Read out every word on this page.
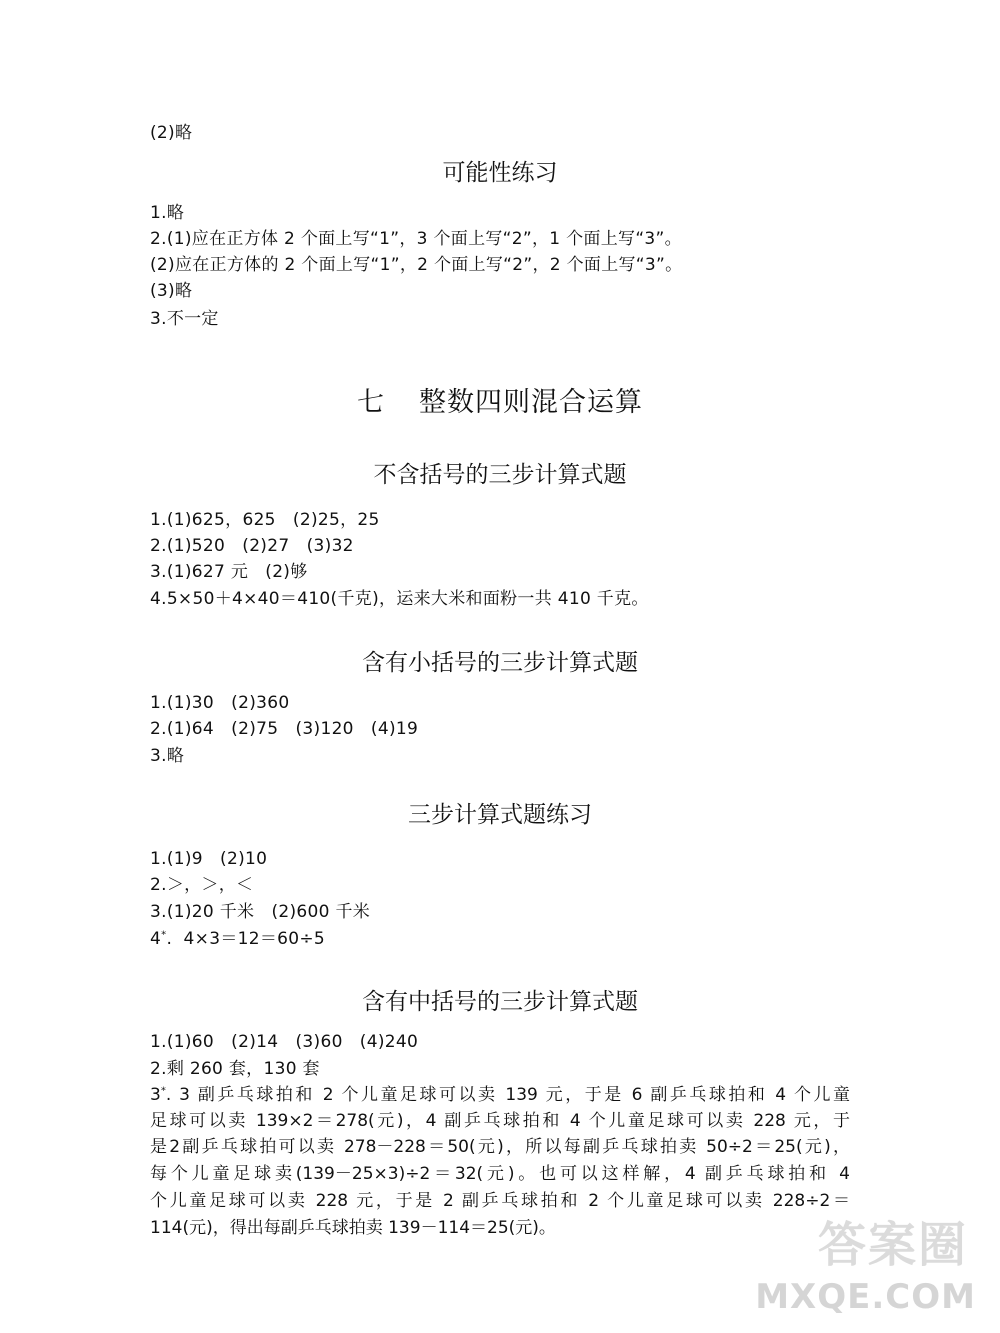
(2)略
可能性练习
1.略
2.(1)应在正方体 2 个面上写“1”，3 个面上写“2”，1 个面上写“3”。
(2)应在正方体的 2 个面上写“1”，2 个面上写“2”，2 个面上写“3”。
(3)略
3.不一定
七 整数四则混合运算
不含括号的三步计算式题
1.(1)625，625   (2)25，25
2.(1)520   (2)27   (3)32
3.(1)627 元   (2)够
4.5×50＋4×40＝410(千克)，运来大米和面粉一共 410 千克。
含有小括号的三步计算式题
1.(1)30   (2)360
2.(1)64   (2)75   (3)120   (4)19
3.略
三步计算式题练习
1.(1)9   (2)10
2.＞，＞，＜
3.(1)20 千米   (2)600 千米
4*.  4×3＝12＝60÷5
含有中括号的三步计算式题
1.(1)60   (2)14   (3)60   (4)240
2.剩 260 套，130 套
3*. 3 副乒乓球拍和 2 个儿童足球可以卖 139 元，于是 6 副乒乓球拍和 4 个儿童
足球可以卖 139×2＝278(元)，4 副乒乓球拍和 4 个儿童足球可以卖 228 元，于
是2副乒乓球拍可以卖 278－228＝50(元)，所以每副乒乓球拍卖 50÷2＝25(元)，
每个儿童足球卖(139－25×3)÷2＝32(元)。也可以这样解，4 副乒乓球拍和 4
个儿童足球可以卖 228 元，于是 2 副乒乓球拍和 2 个儿童足球可以卖 228÷2＝
114(元)，得出每副乒乓球拍卖 139－114＝25(元)。	答案圈
MXQE.COM
